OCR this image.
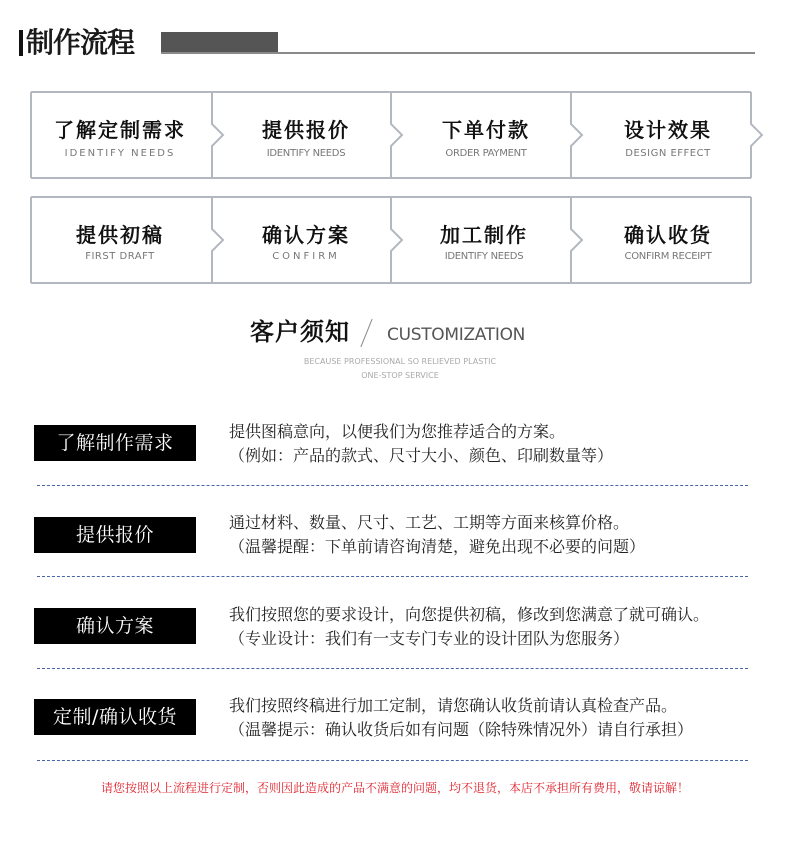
制作流程
了解定制需求
IDENTIFY NEEDS
提供报价
IDENTIFY NEEDS
下单付款
ORDER PAYMENT
设计效果
DESIGN EFFECT
提供初稿
FIRST DRAFT
确认方案
CONFIRM
加工制作
IDENTIFY NEEDS
确认收货
CONFIRM RECEIPT
客户须知 CUSTOMIZATION
BECAUSE PROFESSIONAL SO RELIEVED PLASTIC
ONE-STOP SERVICE
了解制作需求
提供图稿意向，以便我们为您推荐适合的方案。
（例如：产品的款式、尺寸大小、颜色、印刷数量等）
提供报价
通过材料、数量、尺寸、工艺、工期等方面来核算价格。
（温馨提醒：下单前请咨询清楚，避免出现不必要的问题）
确认方案
我们按照您的要求设计，向您提供初稿，修改到您满意了就可确认。
（专业设计：我们有一支专门专业的设计团队为您服务）
定制/确认收货
我们按照终稿进行加工定制，请您确认收货前请认真检查产品。
（温馨提示：确认收货后如有问题（除特殊情况外）请自行承担）
请您按照以上流程进行定制，否则因此造成的产品不满意的问题，均不退货，本店不承担所有费用，敬请谅解！
